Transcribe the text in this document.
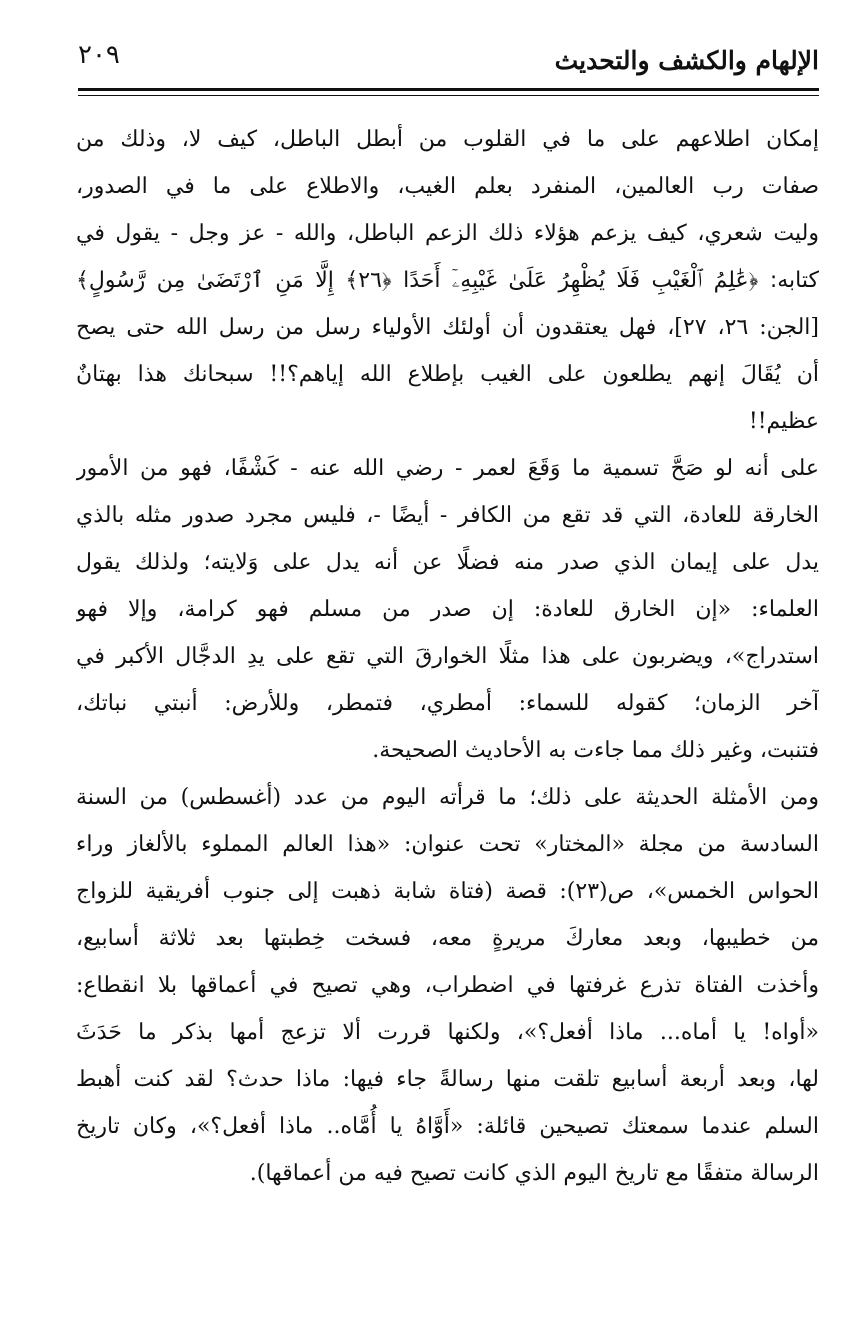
الإلهام والكشف والتحديث
٢٠٩
إمكان اطلاعهم على ما في القلوب من أبطل الباطل، كيف لا، وذلك من
صفات رب العالمين، المنفرد بعلم الغيب، والاطلاع على ما في الصدور،
وليت شعري، كيف يزعم هؤلاء ذلك الزعم الباطل، والله - عز وجل - يقول في
كتابه: ﴿عَٰلِمُ ٱلْغَيْبِ فَلَا يُظْهِرُ عَلَىٰ غَيْبِهِۦٓ أَحَدًا ﴿٢٦﴾ إِلَّا مَنِ ٱرْتَضَىٰ مِن رَّسُولٍ﴾
[الجن: ٢٦، ٢٧]، فهل يعتقدون أن أولئك الأولياء رسل من رسل الله حتى يصح
أن يُقَالَ إنهم يطلعون على الغيب بإطلاع الله إياهم؟!! سبحانك هذا بهتانٌ
عظيم!!
على أنه لو صَحَّ تسمية ما وَقَعَ لعمر - رضي الله عنه - كَشْفًا، فهو من الأمور
الخارقة للعادة، التي قد تقع من الكافر - أيضًا -، فليس مجرد صدور مثله بالذي
يدل على إيمان الذي صدر منه فضلًا عن أنه يدل على وَلايته؛ ولذلك يقول
العلماء: «إن الخارق للعادة: إن صدر من مسلم فهو كرامة، وإلا فهو
استدراج»، ويضربون على هذا مثلًا الخوارقَ التي تقع على يدِ الدجَّال الأكبر في
آخر الزمان؛ كقوله للسماء: أمطري، فتمطر، وللأرض: أنبتي نباتك،
فتنبت، وغير ذلك مما جاءت به الأحاديث الصحيحة.
ومن الأمثلة الحديثة على ذلك؛ ما قرأته اليوم من عدد (أغسطس) من السنة
السادسة من مجلة «المختار» تحت عنوان: «هذا العالم المملوء بالألغاز وراء
الحواس الخمس»، ص(٢٣): قصة (فتاة شابة ذهبت إلى جنوب أفريقية للزواج
من خطيبها، وبعد معاركَ مريرةٍ معه، فسخت خِطبتها بعد ثلاثة أسابيع،
وأخذت الفتاة تذرع غرفتها في اضطراب، وهي تصيح في أعماقها بلا انقطاع:
«أواه! يا أماه... ماذا أفعل؟»، ولكنها قررت ألا تزعج أمها بذكر ما حَدَثَ
لها، وبعد أربعة أسابيع تلقت منها رسالةً جاء فيها: ماذا حدث؟ لقد كنت أهبط
السلم عندما سمعتك تصيحين قائلة: «أَوَّاهُ يا أُمَّاه.. ماذا أفعل؟»، وكان تاريخ
الرسالة متفقًا مع تاريخ اليوم الذي كانت تصيح فيه من أعماقها).
